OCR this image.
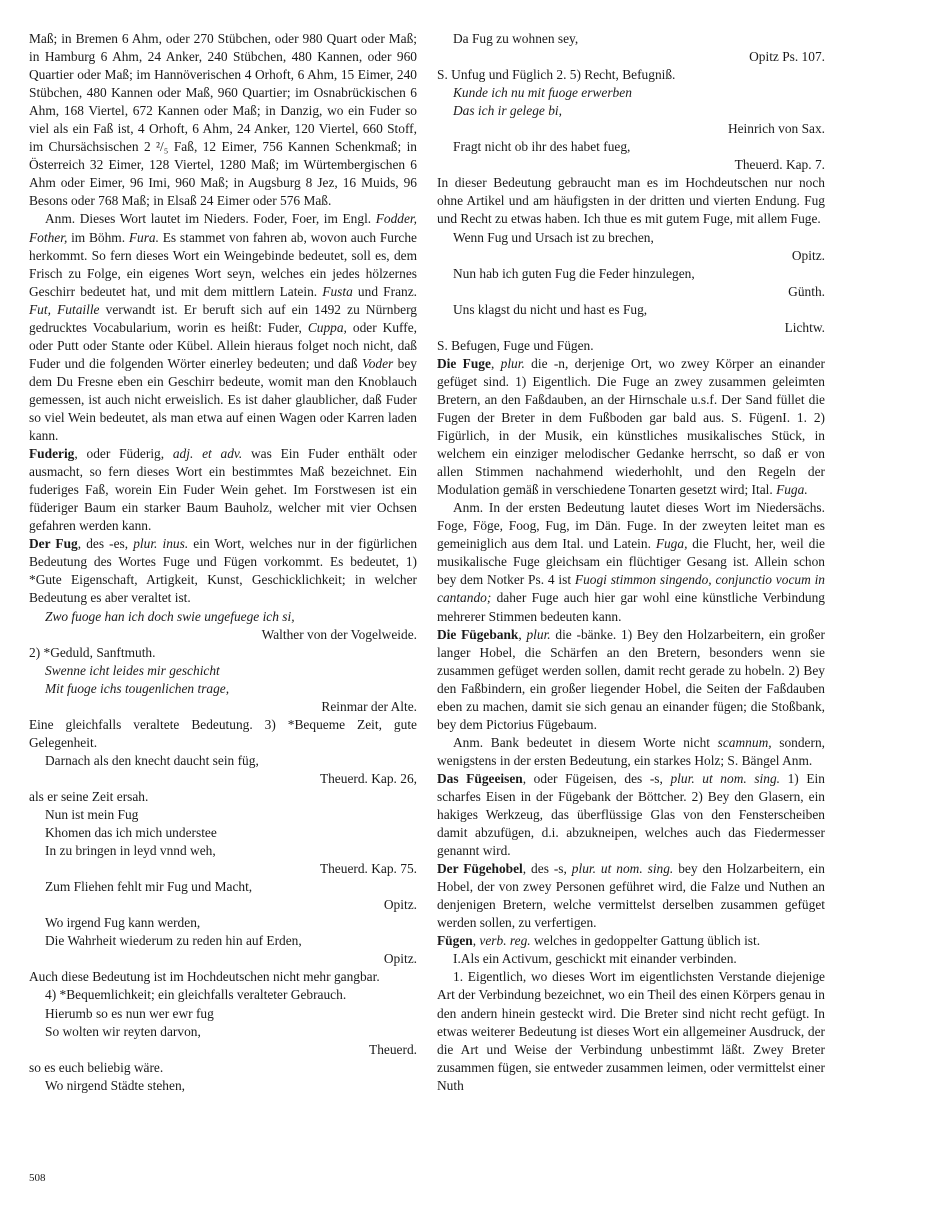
Maß; in Bremen 6 Ahm, oder 270 Stübchen, oder 980 Quart oder Maß; in Hamburg 6 Ahm, 24 Anker, 240 Stübchen, 480 Kannen, oder 960 Quartier oder Maß; im Hannöverischen 4 Orhoft, 6 Ahm, 15 Eimer, 240 Stübchen, 480 Kannen oder Maß, 960 Quartier; im Osnabrückischen 6 Ahm, 168 Viertel, 672 Kannen oder Maß; in Danzig, wo ein Fuder so viel als ein Faß ist, 4 Orhoft, 6 Ahm, 24 Anker, 120 Viertel, 660 Stoff, im Chursächsischen 2 ²/₅ Faß, 12 Eimer, 756 Kannen Schenkmaß; in Österreich 32 Eimer, 128 Viertel, 1280 Maß; im Würtembergischen 6 Ahm oder Eimer, 96 Imi, 960 Maß; in Augsburg 8 Jez, 16 Muids, 96 Besons oder 768 Maß; in Elsaß 24 Eimer oder 576 Maß.
Anm. Dieses Wort lautet im Nieders. Foder, Foer, im Engl. Fodder, Fother, im Böhm. Fura. Es stammet von fahren ab, wovon auch Furche herkommt. So fern dieses Wort ein Weingebinde bedeutet, soll es, dem Frisch zu Folge, ein eigenes Wort seyn, welches ein jedes hölzernes Geschirr bedeutet hat, und mit dem mittlern Latein. Fusta und Franz. Fut, Futaille verwandt ist. Er beruft sich auf ein 1492 zu Nürnberg gedrucktes Vocabularium, worin es heißt: Fuder, Cuppa, oder Kuffe, oder Putt oder Stante oder Kübel. Allein hieraus folget noch nicht, daß Fuder und die folgenden Wörter einerley bedeuten; und daß Voder bey dem Du Fresne eben ein Geschirr bedeute, womit man den Knoblauch gemessen, ist auch nicht erweislich. Es ist daher glaublicher, daß Fuder so viel Wein bedeutet, als man etwa auf einen Wagen oder Karren laden kann.
Fuderig, oder Füderig, adj. et adv. was Ein Fuder enthält oder ausmacht, so fern dieses Wort ein bestimmtes Maß bezeichnet. Ein fuderiges Faß, worein Ein Fuder Wein gehet. Im Forstwesen ist ein füderiger Baum ein starker Baum Bauholz, welcher mit vier Ochsen gefahren werden kann.
Der Fug, des -es, plur. inus. ein Wort, welches nur in der figürlichen Bedeutung des Wortes Fuge und Fügen vorkommt. Es bedeutet, 1) *Gute Eigenschaft, Artigkeit, Kunst, Geschicklichkeit; in welcher Bedeutung es aber veraltet ist.
Zwo fuoge han ich doch swie ungefuege ich si,
Walther von der Vogelweide.
2) *Geduld, Sanftmuth.
Swenne icht leides mir geschicht
Mit fuoge ichs tougenlichen trage,
Reinmar der Alte.
Eine gleichfalls veraltete Bedeutung. 3) *Bequeme Zeit, gute Gelegenheit.
Darnach als den knecht daucht sein füg,
Theuerd. Kap. 26,
als er seine Zeit ersah.
Nun ist mein Fug
Khomen das ich mich understee
In zu bringen in leyd vnnd weh,
Theuerd. Kap. 75.
Zum Fliehen fehlt mir Fug und Macht,
Opitz.
Wo irgend Fug kann werden,
Die Wahrheit wiederum zu reden hin auf Erden,
Opitz.
Auch diese Bedeutung ist im Hochdeutschen nicht mehr gangbar.
4) *Bequemlichkeit; ein gleichfalls veralteter Gebrauch.
Hierumb so es nun wer ewr fug
So wolten wir reyten darvon,
Theuerd.
so es euch beliebig wäre.
Wo nirgend Städte stehen,
Da Fug zu wohnen sey,
Opitz Ps. 107.
S. Unfug und Füglich 2. 5) Recht, Befugniß.
Kunde ich nu mit fuoge erwerben
Das ich ir gelege bi,
Heinrich von Sax.
Fragt nicht ob ihr des habet fueg,
Theuerd. Kap. 7.
In dieser Bedeutung gebraucht man es im Hochdeutschen nur noch ohne Artikel und am häufigsten in der dritten und vierten Endung. Fug und Recht zu etwas haben. Ich thue es mit gutem Fuge, mit allem Fuge.
Wenn Fug und Ursach ist zu brechen,
Opitz.
Nun hab ich guten Fug die Feder hinzulegen,
Günth.
Uns klagst du nicht und hast es Fug,
Lichtw.
S. Befugen, Fuge und Fügen.
Die Fuge, plur. die -n, derjenige Ort, wo zwey Körper an einander gefüget sind. 1) Eigentlich. Die Fuge an zwey zusammen geleimten Bretern, an den Faßdauben, an der Hirnschale u.s.f. Der Sand füllet die Fugen der Breter in dem Fußboden gar bald aus. S. FügenI. 1. 2) Figürlich, in der Musik, ein künstliches musikalisches Stück, in welchem ein einziger melodischer Gedanke herrscht, so daß er von allen Stimmen nachahmend wiederhohlt, und den Regeln der Modulation gemäß in verschiedene Tonarten gesetzt wird; Ital. Fuga.
Anm. In der ersten Bedeutung lautet dieses Wort im Niedersächs. Foge, Föge, Foog, Fug, im Dän. Fuge. In der zweyten leitet man es gemeiniglich aus dem Ital. und Latein. Fuga, die Flucht, her, weil die musikalische Fuge gleichsam ein flüchtiger Gesang ist. Allein schon bey dem Notker Ps. 4 ist Fuogi stimmon singendo, conjunctio vocum in cantando; daher Fuge auch hier gar wohl eine künstliche Verbindung mehrerer Stimmen bedeuten kann.
Die Fügebank, plur. die -bänke. 1) Bey den Holzarbeitern, ein großer langer Hobel, die Schärfen an den Bretern, besonders wenn sie zusammen gefüget werden sollen, damit recht gerade zu hobeln. 2) Bey den Faßbindern, ein großer liegender Hobel, die Seiten der Faßdauben eben zu machen, damit sie sich genau an einander fügen; die Stoßbank, bey dem Pictorius Fügebaum.
Anm. Bank bedeutet in diesem Worte nicht scamnum, sondern, wenigstens in der ersten Bedeutung, ein starkes Holz; S. Bängel Anm.
Das Fügeeisen, oder Fügeisen, des -s, plur. ut nom. sing. 1) Ein scharfes Eisen in der Fügebank der Böttcher. 2) Bey den Glasern, ein hakiges Werkzeug, das überflüssige Glas von den Fensterscheiben damit abzufügen, d.i. abzukneipen, welches auch das Fiedermesser genannt wird.
Der Fügehobel, des -s, plur. ut nom. sing. bey den Holzarbeitern, ein Hobel, der von zwey Personen geführet wird, die Falze und Nuthen an denjenigen Bretern, welche vermittelst derselben zusammen gefüget werden sollen, zu verfertigen.
Fügen, verb. reg. welches in gedoppelter Gattung üblich ist.
I.Als ein Activum, geschickt mit einander verbinden.
1. Eigentlich, wo dieses Wort im eigentlichsten Verstande diejenige Art der Verbindung bezeichnet, wo ein Theil des einen Körpers genau in den andern hinein gesteckt wird. Die Breter sind nicht recht gefügt. In etwas weiterer Bedeutung ist dieses Wort ein allgemeiner Ausdruck, der die Art und Weise der Verbindung unbestimmt läßt. Zwey Breter zusammen fügen, sie entweder zusammen leimen, oder vermittelst einer Nuth
508
